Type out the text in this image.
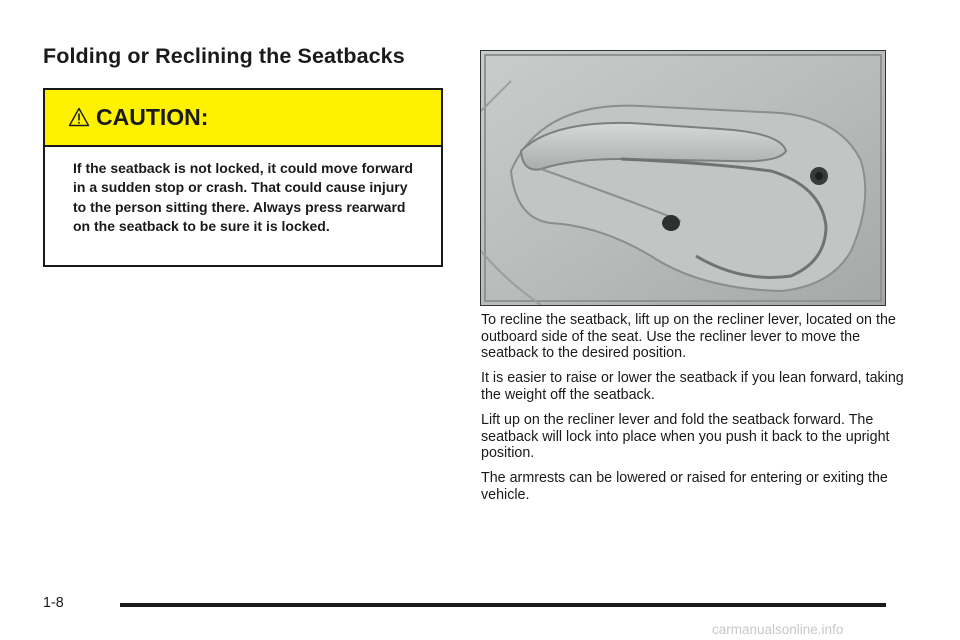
Folding or Reclining the Seatbacks
CAUTION:
If the seatback is not locked, it could move forward in a sudden stop or crash. That could cause injury to the person sitting there. Always press rearward on the seatback to be sure it is locked.

To recline the seatback, lift up on the recliner lever, located on the outboard side of the seat. Use the recliner lever to move the seatback to the desired position.

It is easier to raise or lower the seatback if you lean forward, taking the weight off the seatback.

Lift up on the recliner lever and fold the seatback forward. The seatback will lock into place when you push it back to the upright position.

The armrests can be lowered or raised for entering or exiting the vehicle.

1-8
carmanualsonline.info
